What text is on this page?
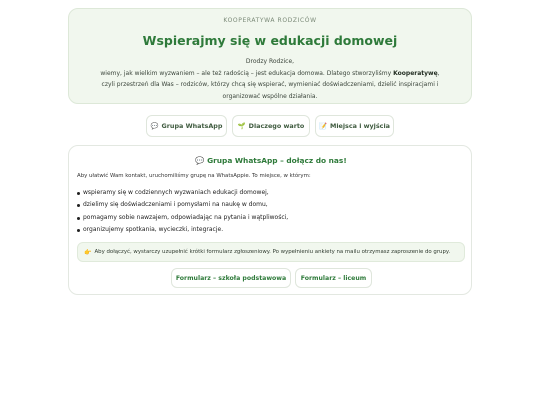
KOOPERATYWA RODZICÓW
Wspierajmy się w edukacji domowej
Drodzy Rodzice,
wiemy, jak wielkim wyzwaniem – ale też radością – jest edukacja domowa. Dlatego stworzyliśmy Kooperatywę,
czyli przestrzeń dla Was – rodziców, którzy chcą się wspierać, wymieniać doświadczeniami, dzielić inspiracjami i
organizować wspólne działania.
💬 Grupa WhatsApp 🌱 Dlaczego warto 📝 Miejsca i wyjścia
💬 Grupa WhatsApp – dołącz do nas!

Aby ułatwić Wam kontakt, uruchomiliśmy grupę na WhatsAppie. To miejsce, w którym:

wspieramy się w codziennych wyzwaniach edukacji domowej,
dzielimy się doświadczeniami i pomysłami na naukę w domu,
pomagamy sobie nawzajem, odpowiadając na pytania i wątpliwości,
organizujemy spotkania, wycieczki, integracje.
👉 Aby dołączyć, wystarczy uzupełnić krótki formularz zgłoszeniowy. Po wypełnieniu ankiety na mailu otrzymasz zaproszenie do grupy.
Formularz – szkoła podstawowa	Formularz – liceum
